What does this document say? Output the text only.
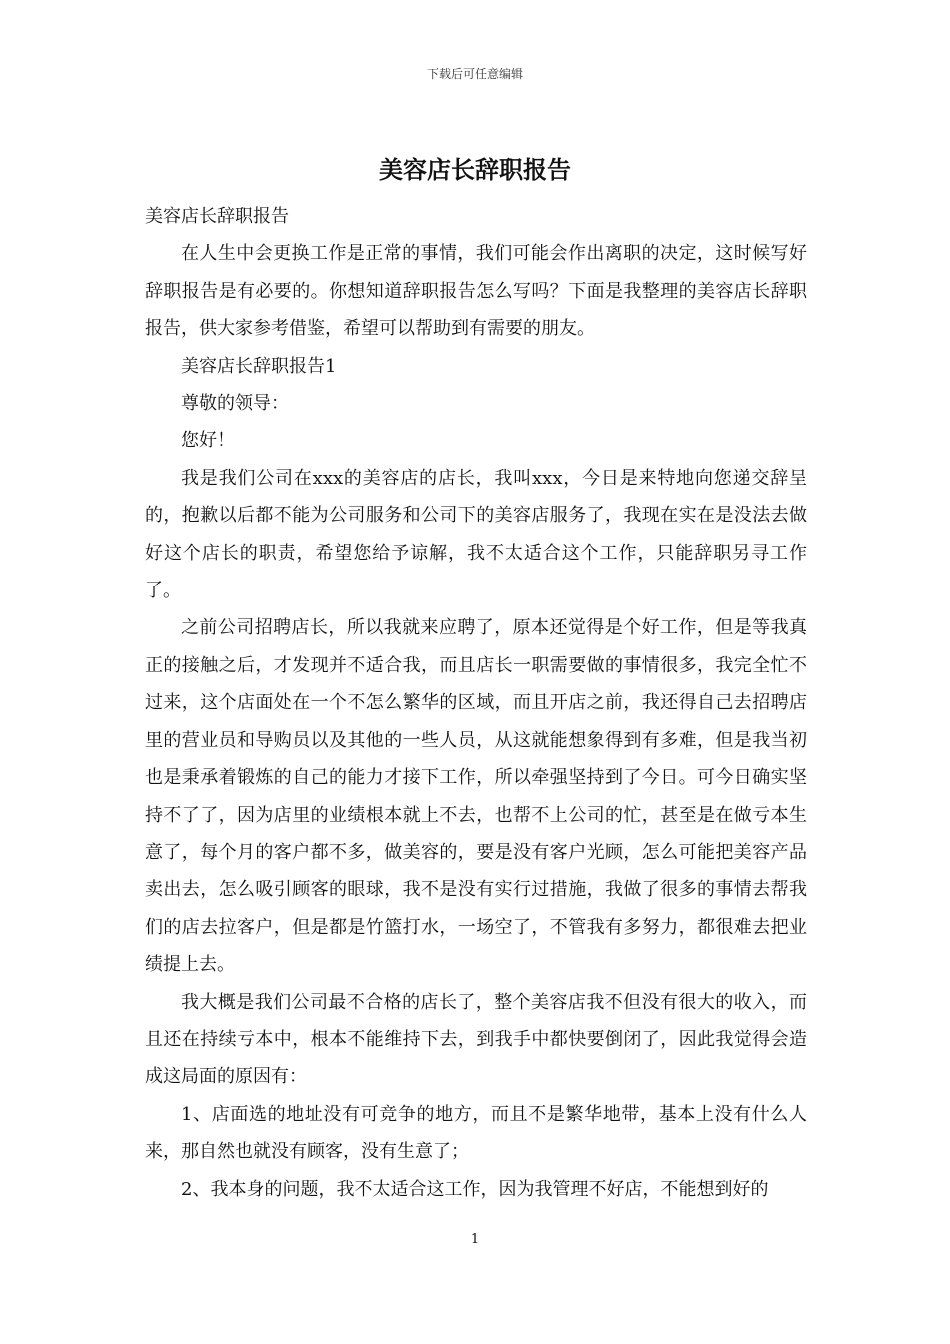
下载后可任意编辑
美容店长辞职报告

美容店长辞职报告

在人生中会更换工作是正常的事情，我们可能会作出离职的决定，这时候写好辞职报告是有必要的。你想知道辞职报告怎么写吗？下面是我整理的美容店长辞职报告，供大家参考借鉴，希望可以帮助到有需要的朋友。

美容店长辞职报告1

尊敬的领导：

您好！

我是我们公司在xxx的美容店的店长，我叫xxx，今日是来特地向您递交辞呈的，抱歉以后都不能为公司服务和公司下的美容店服务了，我现在实在是没法去做好这个店长的职责，希望您给予谅解，我不太适合这个工作，只能辞职另寻工作了。

之前公司招聘店长，所以我就来应聘了，原本还觉得是个好工作，但是等我真正的接触之后，才发现并不适合我，而且店长一职需要做的事情很多，我完全忙不过来，这个店面处在一个不怎么繁华的区域，而且开店之前，我还得自己去招聘店里的营业员和导购员以及其他的一些人员，从这就能想象得到有多难，但是我当初也是秉承着锻炼的自己的能力才接下工作，所以牵强坚持到了今日。可今日确实坚持不了了，因为店里的业绩根本就上不去，也帮不上公司的忙，甚至是在做亏本生意了，每个月的客户都不多，做美容的，要是没有客户光顾，怎么可能把美容产品卖出去，怎么吸引顾客的眼球，我不是没有实行过措施，我做了很多的事情去帮我们的店去拉客户，但是都是竹篮打水，一场空了，不管我有多努力，都很难去把业绩提上去。

我大概是我们公司最不合格的店长了，整个美容店我不但没有很大的收入，而且还在持续亏本中，根本不能维持下去，到我手中都快要倒闭了，因此我觉得会造成这局面的原因有：

1、店面选的地址没有可竞争的地方，而且不是繁华地带，基本上没有什么人来，那自然也就没有顾客，没有生意了；

2、我本身的问题，我不太适合这工作，因为我管理不好店，不能想到好的

1
